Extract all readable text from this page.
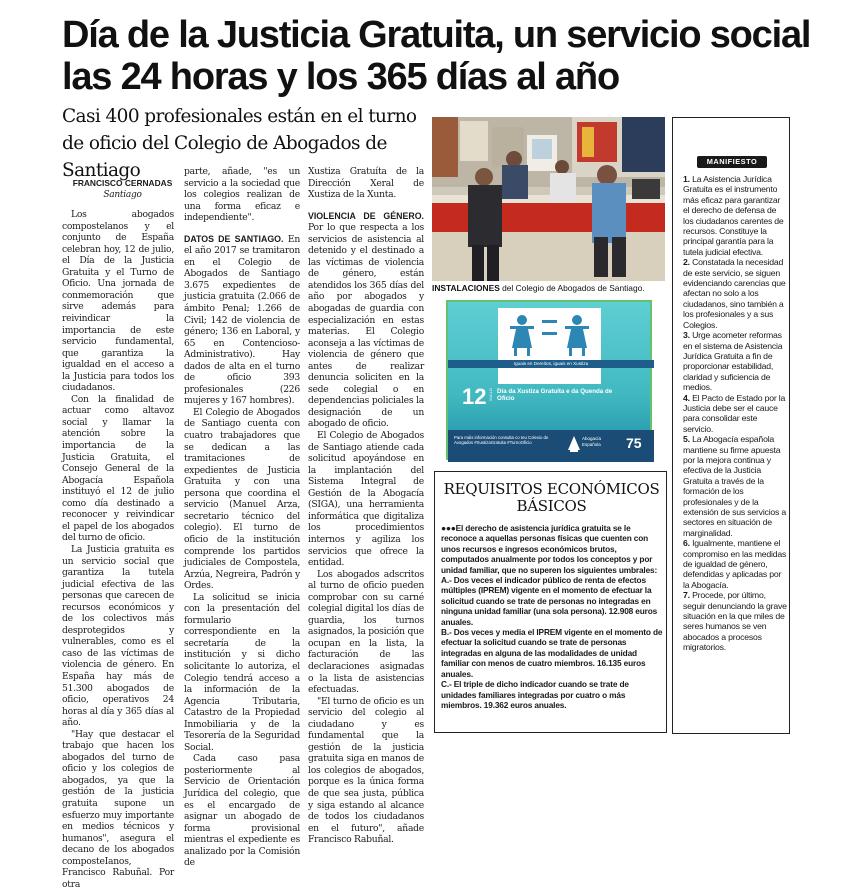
Día de la Justicia Gratuita, un servicio social las 24 horas y los 365 días al año
Casi 400 profesionales están en el turno de oficio del Colegio de Abogados de Santiago

FRANCISCO CERNADAS

Santiago

Los abogados compostelanos y el conjunto de España celebran hoy, 12 de julio, el Día de la Justicia Gratuita y el Turno de Oficio. Una jornada de conmemoración que sirve además para reivindicar la importancia de este servicio fundamental, que garantiza la igualdad en el acceso a la Justicia para todos los ciudadanos.

Con la finalidad de actuar como altavoz social y llamar la atención sobre la importancia de la Justicia Gratuita, el Consejo General de la Abogacía Española instituyó el 12 de julio como día destinado a reconocer y reivindicar el papel de los abogados del turno de oficio.

La Justicia gratuita es un servicio social que garantiza la tutela judicial efectiva de las personas que carecen de recursos económicos y de los colectivos más desprotegidos y vulnerables, como es el caso de las víctimas de violencia de género. En España hay más de 51.300 abogados de oficio, operativos 24 horas al día y 365 días al año.

"Hay que destacar el trabajo que hacen los abogados del turno de oficio y los colegios de abogados, ya que la gestión de la justicia gratuita supone un esfuerzo muy importante en medios técnicos y humanos", asegura el decano de los abogados composteIanos, Francisco Rabuñal. Por otra

parte, añade, "es un servicio a la sociedad que los colegios realizan de una forma eficaz e independiente".

DATOS DE SANTIAGO. En el año 2017 se tramitaron en el Colegio de Abogados de Santiago 3.675 expedientes de justicia gratuita (2.066 de ámbito Penal; 1.266 de Civil; 142 de violencia de género; 136 en Laboral, y 65 en Contencioso-Administrativo). Hay dados de alta en el turno de oficio 393 profesionales (226 mujeres y 167 hombres).

El Colegio de Abogados de Santiago cuenta con cuatro trabajadores que se dedican a las tramitaciones de expedientes de Justicia Gratuita y con una persona que coordina el servicio (Manuel Arza, secretario técnico del colegio). El turno de oficio de la institución comprende los partidos judiciales de Compostela, Arzúa, Negreira, Padrón y Ordes.

La solicitud se inicia con la presentación del formulario correspondiente en la secretaría de la institución y si dicho solicitante lo autoriza, el Colegio tendrá acceso a la información de la Agencia Tributaria, Catastro de la Propiedad Inmobiliaria y de la Tesorería de la Seguridad Social.

Cada caso pasa posteriormente al Servicio de Orientación Jurídica del colegio, que es el encargado de asignar un abogado de forma provisional mientras el expediente es analizado por la Comisión de

Xustiza Gratuíta de la Dirección Xeral de Xustiza de la Xunta.

VIOLENCIA DE GÉNERO. Por lo que respecta a los servicios de asistencia al detenido y el destinado a las víctimas de violencia de género, están atendidos los 365 días del año por abogados y abogadas de guardia con especialización en estas materias. El Colegio aconseja a las víctimas de violencia de género que antes de realizar denuncia soliciten en la sede colegial o en dependencias policiales la designación de un abogado de oficio.

El Colegio de Abogados de Santiago atiende cada solicitud apoyándose en la implantación del Sistema Integral de Gestión de la Abogacía (SIGA), una herramienta informática que digitaliza los procedimientos internos y agiliza los servicios que ofrece la entidad.

Los abogados adscritos al turno de oficio pueden comprobar con su carné colegial digital los días de guardia, los turnos asignados, la posición que ocupan en la lista, la facturación de las declaraciones asignadas o la lista de asistencias efectuadas.

"El turno de oficio es un servicio del colegio al ciudadano y es fundamental que la gestión de la justicia gratuita siga en manos de los colegios de abogados, porque es la única forma de que sea justa, pública y siga estando al alcance de todos los ciudadanos en el futuro", añade Francisco Rabuñal.

INSTALACIONES del Colegio de Abogados de Santiago.
Iguais en Dereitos, iguais en Xustiza
12 XULLO Día da Xustiza Gratuíta e da Quenda de Oficio
Para máis información consulta co teu Colexio de Avogados #XustizaGratuita #TurnoOficio
Abogacía Española	75
REQUISITOS ECONÓMICOS BÁSICOS

●●●El derecho de asistencia jurídica gratuita se le reconoce a aquellas personas físicas que cuenten con unos recursos e ingresos económicos brutos, computados anualmente por todos los conceptos y por unidad familiar, que no superen los siguientes umbrales:

A.- Dos veces el indicador público de renta de efectos múltiples (IPREM) vigente en el momento de efectuar la solicitud cuando se trate de personas no integradas en ninguna unidad familiar (una sola persona). 12.908 euros anuales.

B.- Dos veces y media el IPREM vigente en el momento de efectuar la solicitud cuando se trate de personas integradas en alguna de las modalidades de unidad familiar con menos de cuatro miembros. 16.135 euros anuales.

C.- El triple de dicho indicador cuando se trate de unidades familiares integradas por cuatro o más miembros. 19.362 euros anuales.

MANIFIESTO

1. La Asistencia Jurídica Gratuita es el instrumento más eficaz para garantizar el derecho de defensa de los ciudadanos carentes de recursos. Constituye la principal garantía para la tutela judicial efectiva.

2. Constatada la necesidad de este servicio, se siguen evidenciando carencias que afectan no solo a los ciudadanos, sino también a los profesionales y a sus Colegios.

3. Urge acometer reformas en el sistema de Asistencia Jurídica Gratuita a fin de proporcionar estabilidad, claridad y suficiencia de medios.

4. El Pacto de Estado por la Justicia debe ser el cauce para consolidar este servicio.

5. La Abogacía española mantiene su firme apuesta por la mejora continua y efectiva de la Justicia Gratuita a través de la formación de los profesionales y de la extensión de sus servicios a sectores en situación de marginalidad.

6. Igualmente, mantiene el compromiso en las medidas de igualdad de género, defendidas y aplicadas por la Abogacía.

7. Procede, por último, seguir denunciando la grave situación en la que miles de seres humanos se ven abocados a procesos migratorios.
